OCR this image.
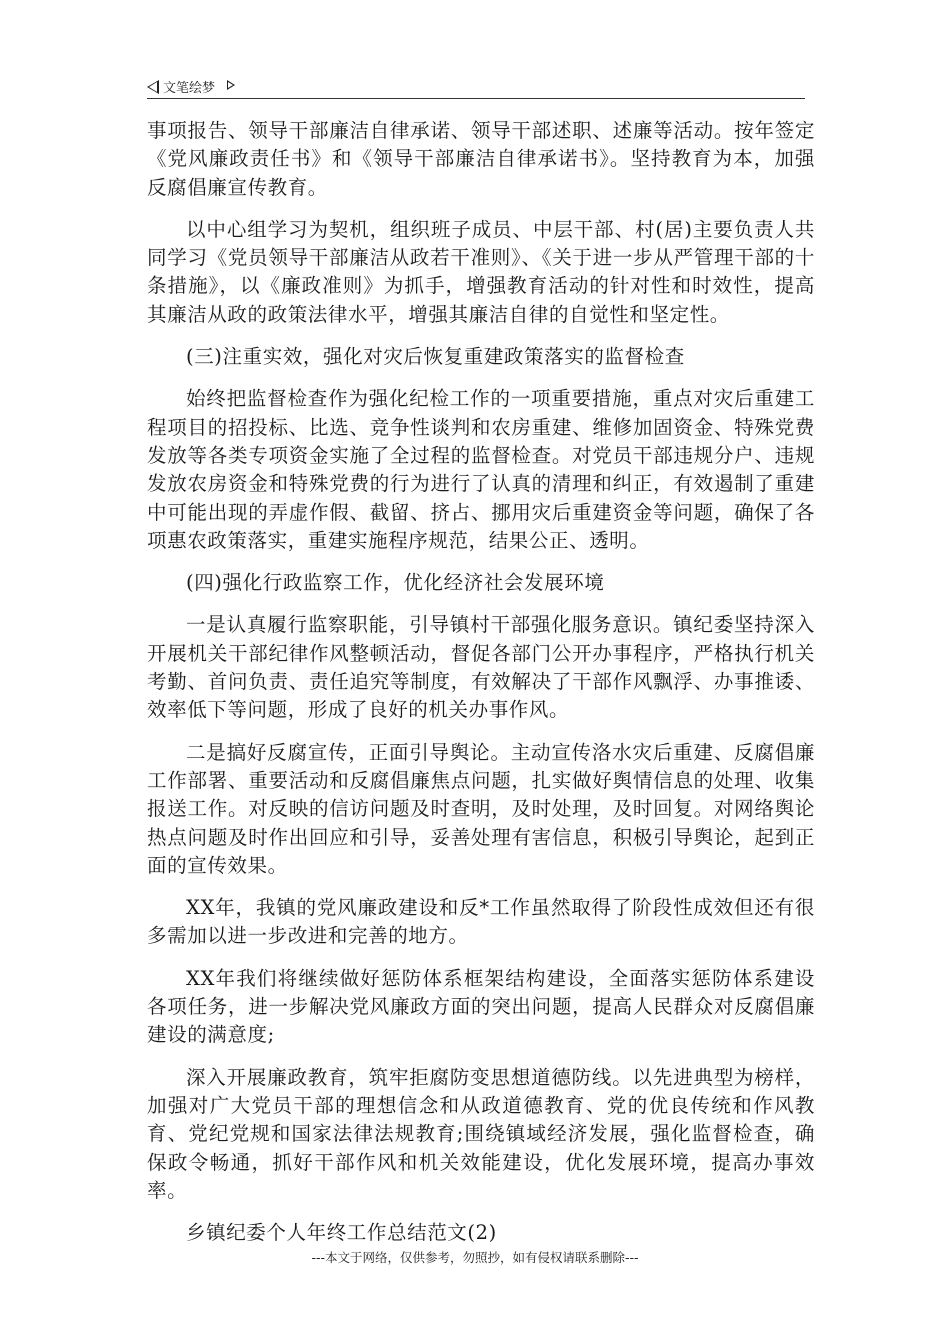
文笔绘梦

事项报告、领导干部廉洁自律承诺、领导干部述职、述廉等活动。按年签定《党风廉政责任书》和《领导干部廉洁自律承诺书》。坚持教育为本，加强反腐倡廉宣传教育。

以中心组学习为契机，组织班子成员、中层干部、村(居)主要负责人共同学习《党员领导干部廉洁从政若干准则》、《关于进一步从严管理干部的十条措施》，以《廉政准则》为抓手，增强教育活动的针对性和时效性，提高其廉洁从政的政策法律水平，增强其廉洁自律的自觉性和坚定性。

(三)注重实效，强化对灾后恢复重建政策落实的监督检查

始终把监督检查作为强化纪检工作的一项重要措施，重点对灾后重建工程项目的招投标、比选、竞争性谈判和农房重建、维修加固资金、特殊党费发放等各类专项资金实施了全过程的监督检查。对党员干部违规分户、违规发放农房资金和特殊党费的行为进行了认真的清理和纠正，有效遏制了重建中可能出现的弄虚作假、截留、挤占、挪用灾后重建资金等问题，确保了各项惠农政策落实，重建实施程序规范，结果公正、透明。

(四)强化行政监察工作，优化经济社会发展环境

一是认真履行监察职能，引导镇村干部强化服务意识。镇纪委坚持深入开展机关干部纪律作风整顿活动，督促各部门公开办事程序，严格执行机关考勤、首问负责、责任追究等制度，有效解决了干部作风飘浮、办事推诿、效率低下等问题，形成了良好的机关办事作风。

二是搞好反腐宣传，正面引导舆论。主动宣传洛水灾后重建、反腐倡廉工作部署、重要活动和反腐倡廉焦点问题，扎实做好舆情信息的处理、收集报送工作。对反映的信访问题及时查明，及时处理，及时回复。对网络舆论热点问题及时作出回应和引导，妥善处理有害信息，积极引导舆论，起到正面的宣传效果。

XX年，我镇的党风廉政建设和反*工作虽然取得了阶段性成效但还有很多需加以进一步改进和完善的地方。

XX年我们将继续做好惩防体系框架结构建设，全面落实惩防体系建设各项任务，进一步解决党风廉政方面的突出问题，提高人民群众对反腐倡廉建设的满意度;

深入开展廉政教育，筑牢拒腐防变思想道德防线。以先进典型为榜样，加强对广大党员干部的理想信念和从政道德教育、党的优良传统和作风教育、党纪党规和国家法律法规教育;围绕镇域经济发展，强化监督检查，确保政令畅通，抓好干部作风和机关效能建设，优化发展环境，提高办事效率。

乡镇纪委个人年终工作总结范文(2)

---本文于网络，仅供参考，勿照抄，如有侵权请联系删除---
